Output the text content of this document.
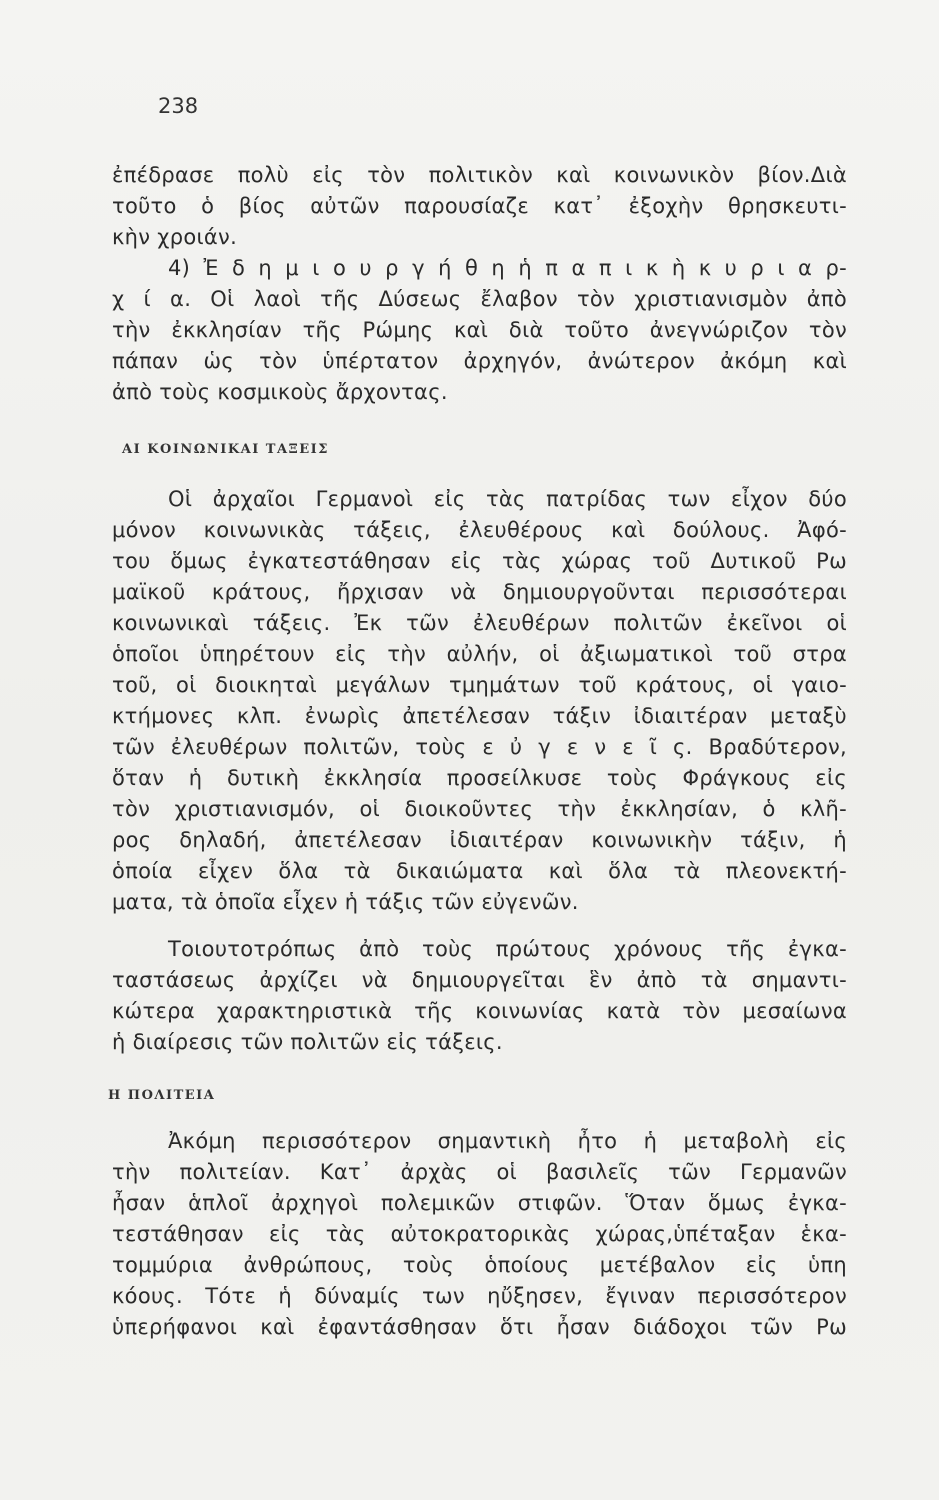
238
ἐπέδρασε πολὺ εἰς τὸν πολιτικὸν καὶ κοινωνικὸν βίον.Διὰ
τοῦτο ὁ βίος αὐτῶν παρουσίαζε κατ᾽ ἐξοχὴν θρησκευτι-
κὴν χροιάν.
4) Ἐ δ η μ ι ο υ ρ γ ή θ η ἡ π α π ι κ ὴ κ υ ρ ι α ρ-
χ ί α. Οἱ λαοὶ τῆς Δύσεως ἔλαβον τὸν χριστιανισμὸν ἀπὸ
τὴν ἐκκλησίαν τῆς Ρώμης καὶ διὰ τοῦτο ἀνεγνώριζον τὸν
πάπαν ὡς τὸν ὑπέρτατον ἀρχηγόν, ἀνώτερον ἀκόμη καὶ
ἀπὸ τοὺς κοσμικοὺς ἄρχοντας.
ΑΙ ΚΟΙΝΩΝΙΚΑΙ ΤΑΞΕΙΣ
Οἱ ἀρχαῖοι Γερμανοὶ εἰς τὰς πατρίδας των εἶχον δύο
μόνον κοινωνικὰς τάξεις, ἐλευθέρους καὶ δούλους. Ἀφό-
του ὅμως ἐγκατεστάθησαν εἰς τὰς χώρας τοῦ Δυτικοῦ Ρω
μαϊκοῦ κράτους, ἤρχισαν νὰ δημιουργοῦνται περισσότεραι
κοινωνικαὶ τάξεις. Ἐκ τῶν ἐλευθέρων πολιτῶν ἐκεῖνοι οἱ
ὁποῖοι ὑπηρέτουν εἰς τὴν αὐλήν, οἱ ἀξιωματικοὶ τοῦ στρα
τοῦ, οἱ διοικηταὶ μεγάλων τμημάτων τοῦ κράτους, οἱ γαιο-
κτήμονες κλπ. ἐνωρὶς ἀπετέλεσαν τάξιν ἰδιαιτέραν μεταξὺ
τῶν ἐλευθέρων πολιτῶν, τοὺς ε ὐ γ ε ν ε ῖ ς. Βραδύτερον,
ὅταν ἡ δυτικὴ ἐκκλησία προσείλκυσε τοὺς Φράγκους εἰς
τὸν χριστιανισμόν, οἱ διοικοῦντες τὴν ἐκκλησίαν, ὁ κλῆ-
ρος δηλαδή, ἀπετέλεσαν ἰδιαιτέραν κοινωνικὴν τάξιν, ἡ
ὁποία εἶχεν ὅλα τὰ δικαιώματα καὶ ὅλα τὰ πλεονεκτή-
ματα, τὰ ὁποῖα εἶχεν ἡ τάξις τῶν εὐγενῶν.
Τοιουτοτρόπως ἀπὸ τοὺς πρώτους χρόνους τῆς ἐγκα-
ταστάσεως ἀρχίζει νὰ δημιουργεῖται ἓν ἀπὸ τὰ σημαντι-
κώτερα χαρακτηριστικὰ τῆς κοινωνίας κατὰ τὸν μεσαίωνα
ἡ διαίρεσις τῶν πολιτῶν εἰς τάξεις.
Η ΠΟΛΙΤΕΙΑ
Ἀκόμη περισσότερον σημαντικὴ ἦτο ἡ μεταβολὴ εἰς
τὴν πολιτείαν. Κατ᾽ ἀρχὰς οἱ βασιλεῖς τῶν Γερμανῶν
ἦσαν ἁπλοῖ ἀρχηγοὶ πολεμικῶν στιφῶν. Ὅταν ὅμως ἐγκα-
τεστάθησαν εἰς τὰς αὐτοκρατορικὰς χώρας,ὑπέταξαν ἑκα-
τομμύρια ἀνθρώπους, τοὺς ὁποίους μετέβαλον εἰς ὑπη
κόους. Τότε ἡ δύναμίς των ηὔξησεν, ἔγιναν περισσότερον
ὑπερήφανοι καὶ ἐφαντάσθησαν ὅτι ἦσαν διάδοχοι τῶν Ρω
